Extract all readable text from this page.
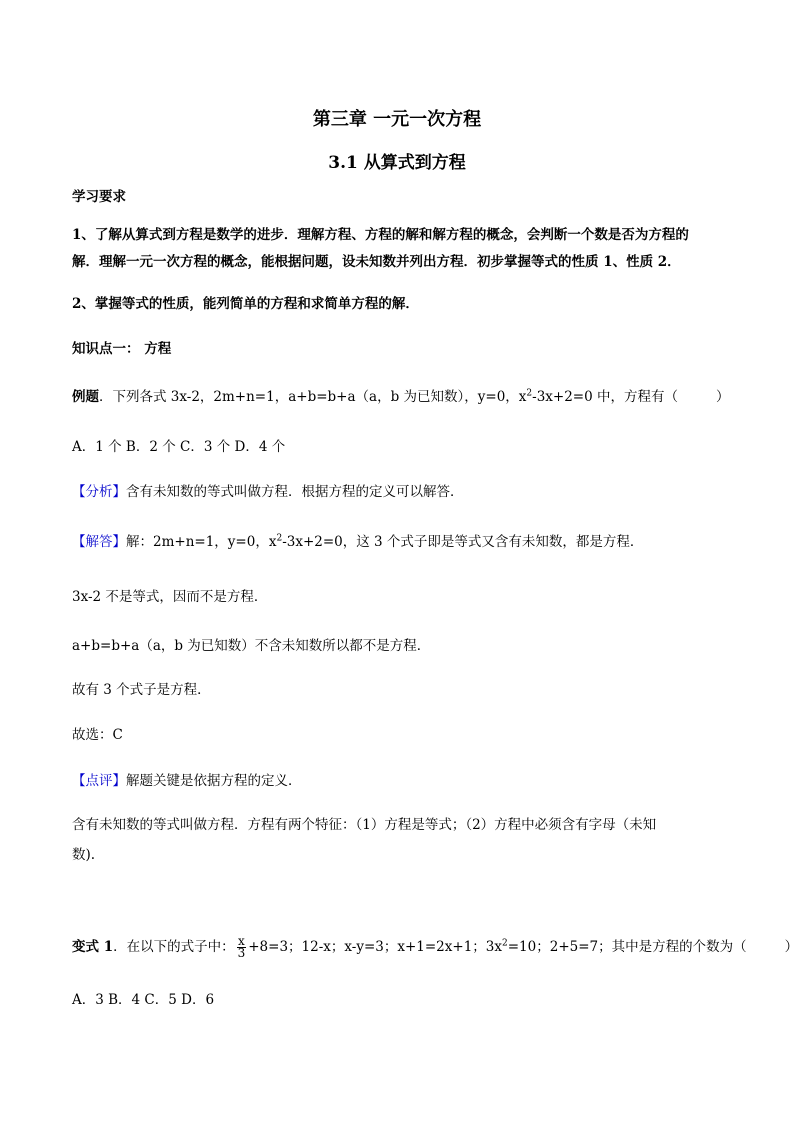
第三章 一元一次方程
3.1 从算式到方程
学习要求
1、了解从算式到方程是数学的进步．理解方程、方程的解和解方程的概念，会判断一个数是否为方程的
解．理解一元一次方程的概念，能根据问题，设未知数并列出方程．初步掌握等式的性质 1、性质 2．
2、掌握等式的性质，能列简单的方程和求简单方程的解．
知识点一： 方程
例题．下列各式 3x-2，2m+n=1，a+b=b+a（a，b 为已知数），y=0，$x^2-3x+2=0$ 中，方程有（	）
A．1 个 B．2 个 C．3 个 D．4 个
【分析】含有未知数的等式叫做方程．根据方程的定义可以解答．
【解答】解：2m+n=1，y=0，$x^2-3x+2=0$，这 3 个式子即是等式又含有未知数，都是方程．
3x-2 不是等式，因而不是方程．
a+b=b+a（a，b 为已知数）不含未知数所以都不是方程．
故有 3 个式子是方程．
故选：C
【点评】解题关键是依据方程的定义．
含有未知数的等式叫做方程．方程有两个特征：（1）方程是等式；（2）方程中必须含有字母（未知
数).
变式 1．在以下的式子中： $\frac{x}{3} +8=3$；12-x；x-y=3；x+1=2x+1；$3x^2=10$；2+5=7；其中是方程的个数为（	）
A．3 B．4 C．5 D．6
